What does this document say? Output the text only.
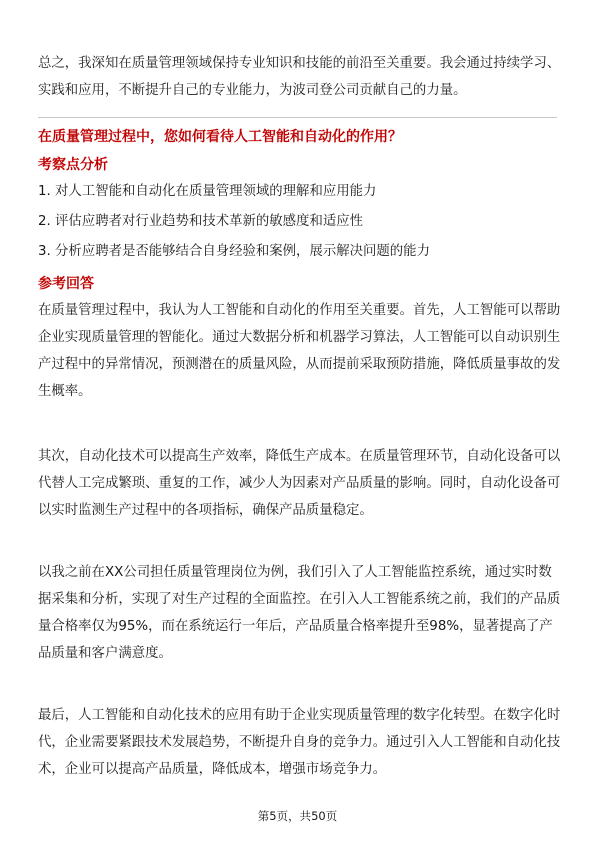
总之，我深知在质量管理领域保持专业知识和技能的前沿至关重要。我会通过持续学习、实践和应用，不断提升自己的专业能力，为波司登公司贡献自己的力量。

在质量管理过程中，您如何看待人工智能和自动化的作用？

考察点分析

1. 对人工智能和自动化在质量管理领域的理解和应用能力

2. 评估应聘者对行业趋势和技术革新的敏感度和适应性

3. 分析应聘者是否能够结合自身经验和案例，展示解决问题的能力

参考回答

在质量管理过程中，我认为人工智能和自动化的作用至关重要。首先，人工智能可以帮助企业实现质量管理的智能化。通过大数据分析和机器学习算法，人工智能可以自动识别生产过程中的异常情况，预测潜在的质量风险，从而提前采取预防措施，降低质量事故的发生概率。

其次，自动化技术可以提高生产效率，降低生产成本。在质量管理环节，自动化设备可以代替人工完成繁琐、重复的工作，减少人为因素对产品质量的影响。同时，自动化设备可以实时监测生产过程中的各项指标，确保产品质量稳定。

以我之前在XX公司担任质量管理岗位为例，我们引入了人工智能监控系统，通过实时数据采集和分析，实现了对生产过程的全面监控。在引入人工智能系统之前，我们的产品质量合格率仅为95%，而在系统运行一年后，产品质量合格率提升至98%，显著提高了产品质量和客户满意度。

最后，人工智能和自动化技术的应用有助于企业实现质量管理的数字化转型。在数字化时代，企业需要紧跟技术发展趋势，不断提升自身的竞争力。通过引入人工智能和自动化技术，企业可以提高产品质量，降低成本，增强市场竞争力。

第5页，共50页
